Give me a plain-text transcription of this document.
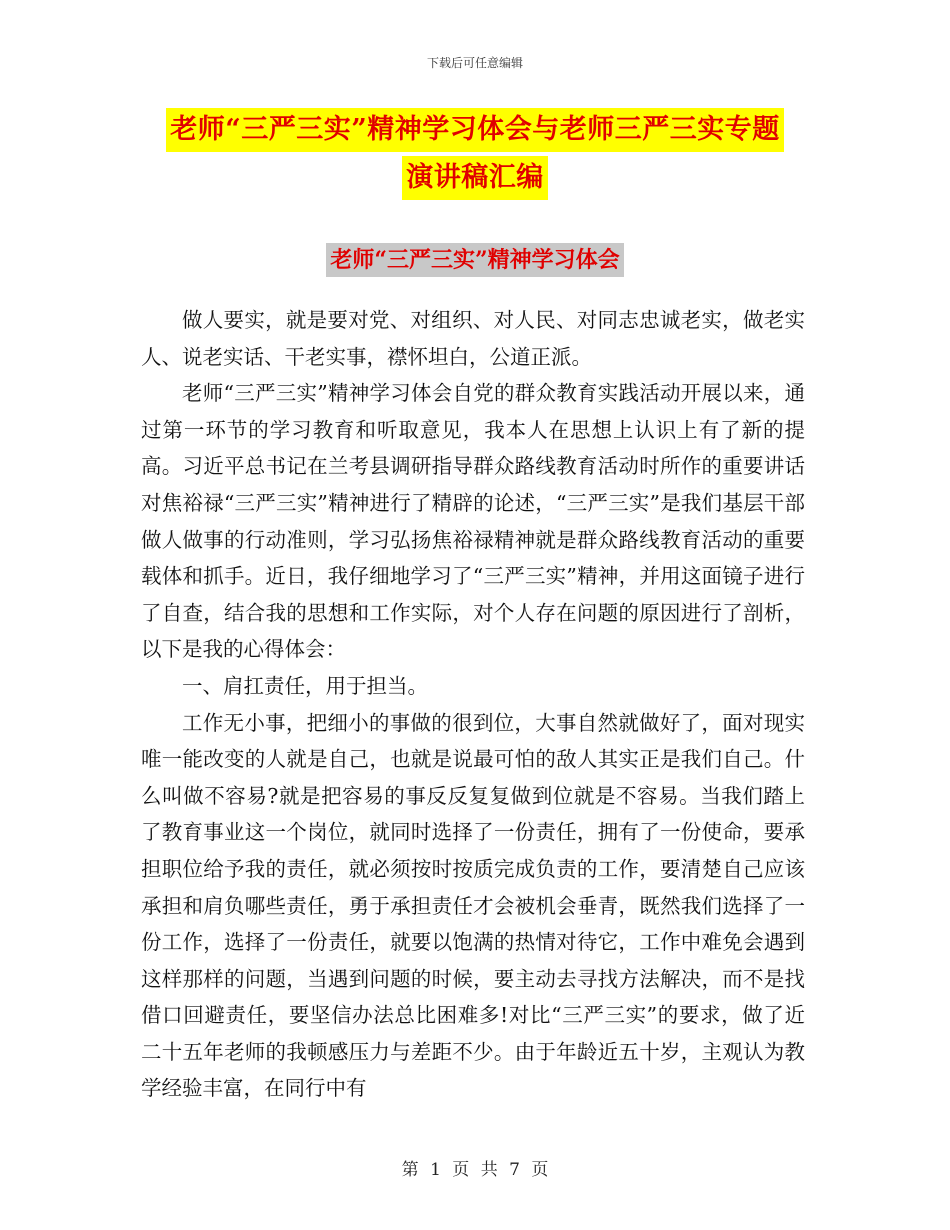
下载后可任意编辑
老师“三严三实”精神学习体会与老师三严三实专题
演讲稿汇编
老师“三严三实”精神学习体会

做人要实，就是要对党、对组织、对人民、对同志忠诚老实，做老实人、说老实话、干老实事，襟怀坦白，公道正派。

老师“三严三实”精神学习体会自党的群众教育实践活动开展以来，通过第一环节的学习教育和听取意见，我本人在思想上认识上有了新的提高。习近平总书记在兰考县调研指导群众路线教育活动时所作的重要讲话对焦裕禄“三严三实”精神进行了精辟的论述，“三严三实”是我们基层干部做人做事的行动准则，学习弘扬焦裕禄精神就是群众路线教育活动的重要载体和抓手。近日，我仔细地学习了“三严三实”精神，并用这面镜子进行了自查，结合我的思想和工作实际，对个人存在问题的原因进行了剖析，以下是我的心得体会：

一、肩扛责任，用于担当。

工作无小事，把细小的事做的很到位，大事自然就做好了，面对现实唯一能改变的人就是自己，也就是说最可怕的敌人其实正是我们自己。什么叫做不容易?就是把容易的事反反复复做到位就是不容易。当我们踏上了教育事业这一个岗位，就同时选择了一份责任，拥有了一份使命，要承担职位给予我的责任，就必须按时按质完成负责的工作，要清楚自己应该承担和肩负哪些责任，勇于承担责任才会被机会垂青，既然我们选择了一份工作，选择了一份责任，就要以饱满的热情对待它，工作中难免会遇到这样那样的问题，当遇到问题的时候，要主动去寻找方法解决，而不是找借口回避责任，要坚信办法总比困难多!对比“三严三实”的要求，做了近二十五年老师的我顿感压力与差距不少。由于年龄近五十岁，主观认为教学经验丰富，在同行中有

第 1 页 共 7 页
